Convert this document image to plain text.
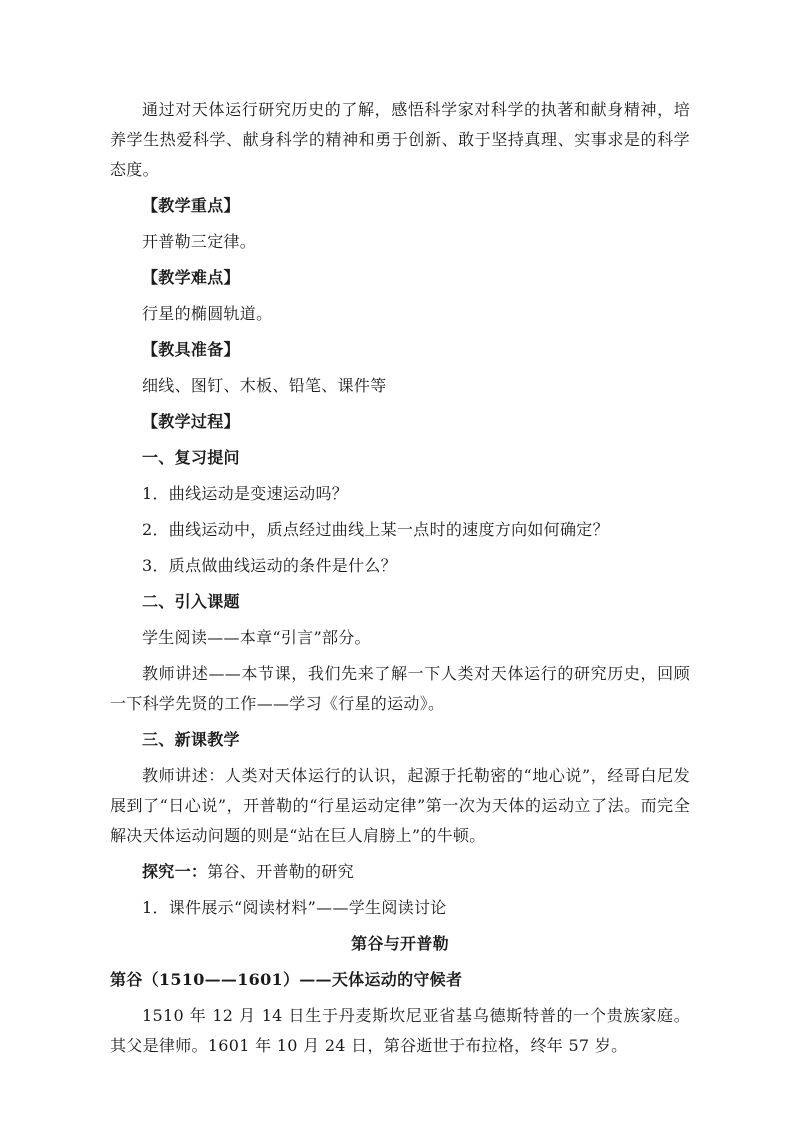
通过对天体运行研究历史的了解，感悟科学家对科学的执著和献身精神，培养学生热爱科学、献身科学的精神和勇于创新、敢于坚持真理、实事求是的科学态度。

【教学重点】

开普勒三定律。

【教学难点】

行星的椭圆轨道。

【教具准备】

细线、图钉、木板、铅笔、课件等

【教学过程】

一、复习提问

1．曲线运动是变速运动吗？

2．曲线运动中，质点经过曲线上某一点时的速度方向如何确定？

3．质点做曲线运动的条件是什么？

二、引入课题

学生阅读——本章“引言”部分。

教师讲述——本节课，我们先来了解一下人类对天体运行的研究历史，回顾一下科学先贤的工作——学习《行星的运动》。

三、新课教学

教师讲述：人类对天体运行的认识，起源于托勒密的“地心说”，经哥白尼发展到了“日心说”，开普勒的“行星运动定律”第一次为天体的运动立了法。而完全解决天体运动问题的则是“站在巨人肩膀上”的牛顿。

探究一：第谷、开普勒的研究

1．课件展示“阅读材料”——学生阅读讨论

第谷与开普勒

第谷（1510——1601）——天体运动的守候者

1510 年 12 月 14 日生于丹麦斯坎尼亚省基乌德斯特普的一个贵族家庭。其父是律师。1601 年 10 月 24 日，第谷逝世于布拉格，终年 57 岁。
